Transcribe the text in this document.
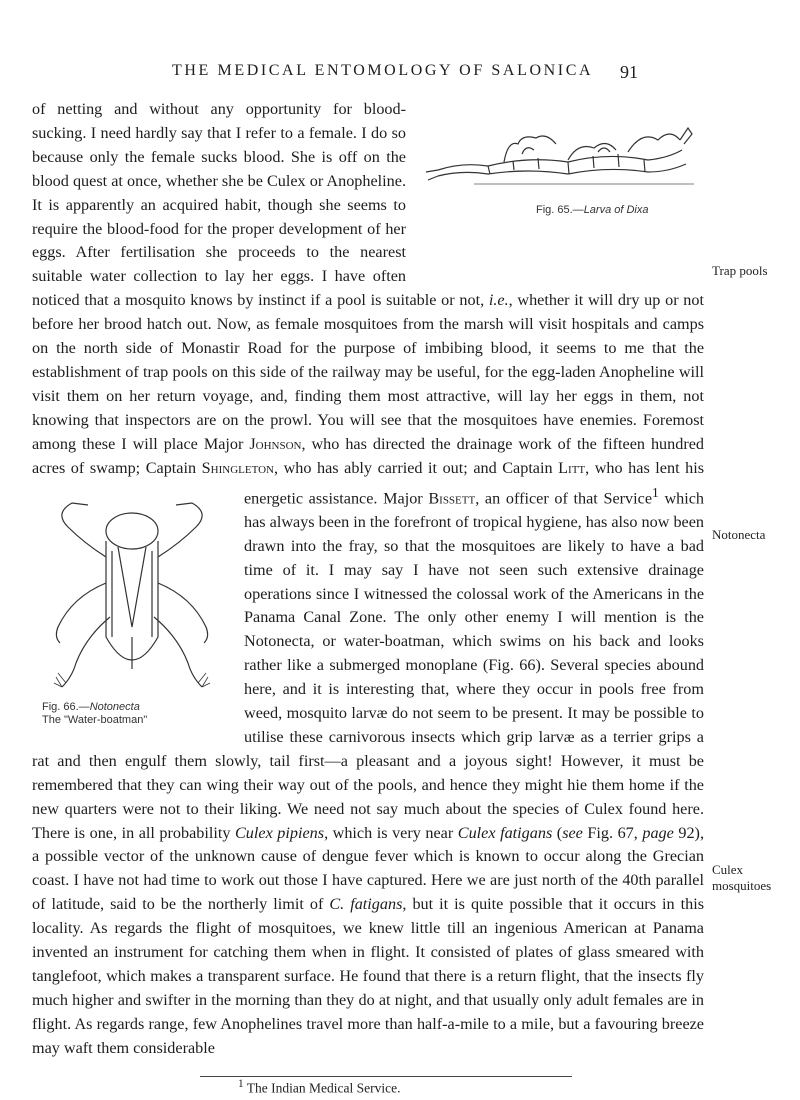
THE MEDICAL ENTOMOLOGY OF SALONICA 91
Trap pools
Notonecta
Culex mosquitoes
Fig. 65.—Larva of Dixa
of netting and without any opportunity for blood-sucking. I need hardly say that I refer to a female. I do so because only the female sucks blood. She is off on the blood quest at once, whether she be Culex or Anopheline. It is apparently an acquired habit, though she seems to require the blood-food for the proper development of her eggs. After fertilisation she proceeds to the nearest suitable water collection to lay her eggs. I have often noticed that a mosquito knows by instinct if a pool is suitable or not, i.e., whether it will dry up or not before her brood hatch out. Now, as female mosquitoes from the marsh will visit hospitals and camps on the north side of Monastir Road for the purpose of imbibing blood, it seems to me that the establishment of trap pools on this side of the railway may be useful, for the egg-laden Anopheline will visit them on her return voyage, and, finding them most attractive, will lay her eggs in them, not knowing that inspectors are on the prowl. You will see that the mosquitoes have enemies. Foremost among these I will place Major Johnson, who has directed the drainage work of the fifteen hundred acres of swamp; Captain Shingleton, who has ably carried it out; and Captain Litt, who has lent his energetic assistance. Major Bissett, an officer of that Service$^1$
Fig. 66.—Notonecta
The "Water-boatman"
which has always been in the forefront of tropical hygiene, has also now been drawn into the fray, so that the mosquitoes are likely to have a bad time of it. I may say I have not seen such extensive drainage operations since I witnessed the colossal work of the Americans in the Panama Canal Zone. The only other enemy I will mention is the Notonecta, or water-boatman, which swims on his back and looks rather like a submerged monoplane (Fig. 66). Several species abound here, and it is interesting that, where they occur in pools free from weed, mosquito larvæ do not seem to be present. It may be possible to utilise these carnivorous insects which grip larvæ as a terrier grips a rat and then engulf them slowly, tail first—a pleasant and a joyous sight! However, it must be remembered that they can wing their way out of the pools, and hence they might hie them home if the new quarters were not to their liking. We need not say much about the species of Culex found here. There is one, in all probability Culex pipiens, which is very near Culex fatigans (see Fig. 67, page 92), a possible vector of the unknown cause of dengue fever which is known to occur along the Grecian coast. I have not had time to work out those I have captured. Here we are just north of the 40th parallel of latitude, said to be the northerly limit of C. fatigans, but it is quite possible that it occurs in this locality. As regards the flight of mosquitoes, we knew little till an ingenious American at Panama invented an instrument for catching them when in flight. It consisted of plates of glass smeared with tanglefoot, which makes a transparent surface. He found that there is a return flight, that the insects fly much higher and swifter in the morning than they do at night, and that usually only adult females are in flight. As regards range, few Anophelines travel more than half-a-mile to a mile, but a favouring breeze may waft them considerable
$^1$ The Indian Medical Service.
